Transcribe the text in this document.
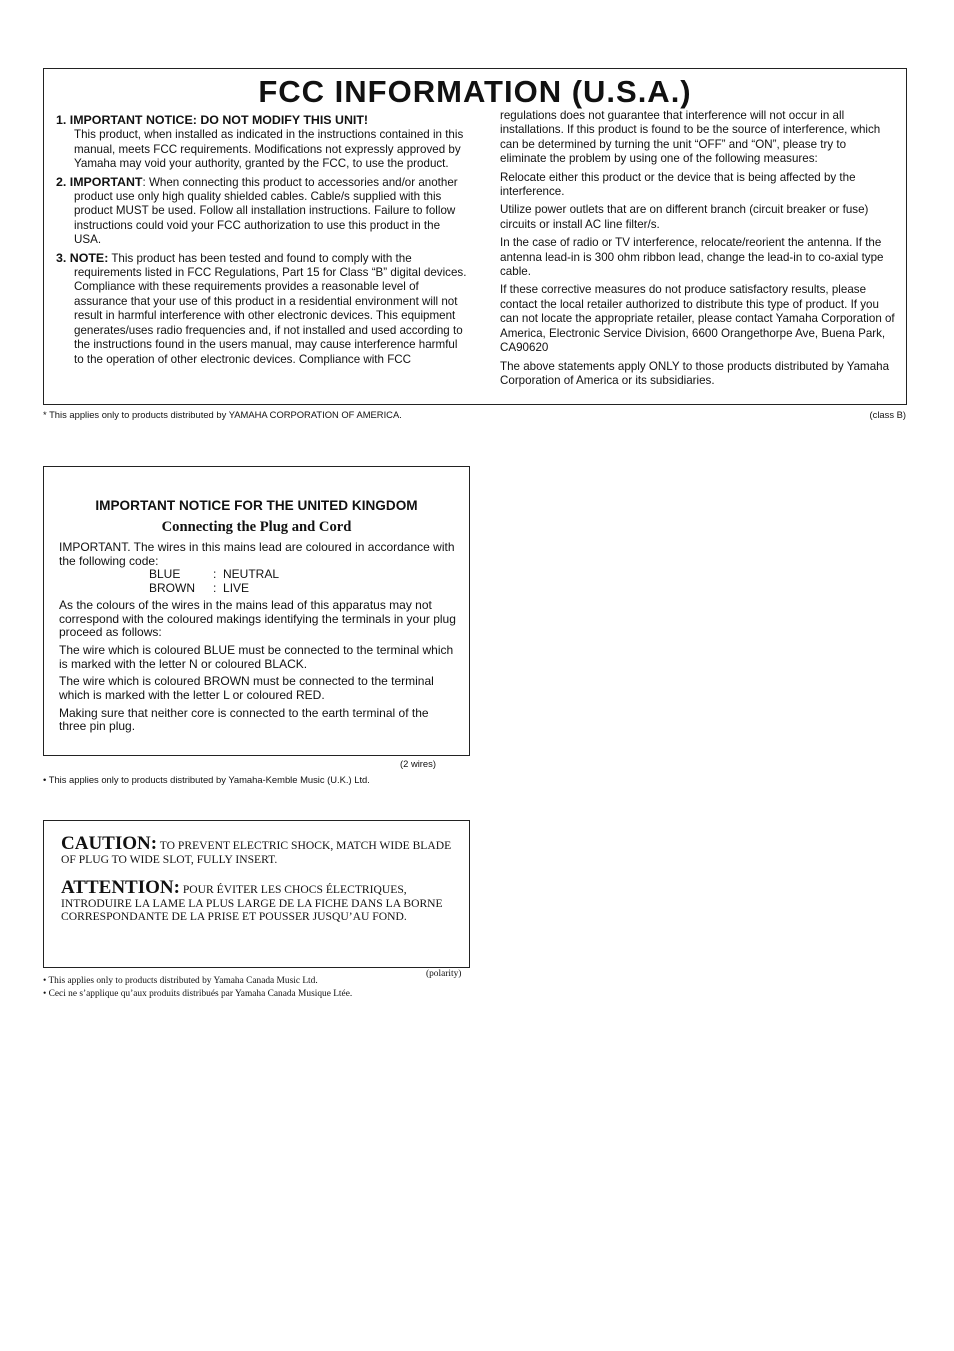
FCC INFORMATION (U.S.A.)
1. IMPORTANT NOTICE: DO NOT MODIFY THIS UNIT!
This product, when installed as indicated in the instructions contained in this manual, meets FCC requirements. Modifications not expressly approved by Yamaha may void your authority, granted by the FCC, to use the product.
2. IMPORTANT: When connecting this product to accessories and/or another product use only high quality shielded cables. Cable/s supplied with this product MUST be used. Follow all installation instructions. Failure to follow instructions could void your FCC authorization to use this product in the USA.
3. NOTE: This product has been tested and found to comply with the requirements listed in FCC Regulations, Part 15 for Class “B” digital devices. Compliance with these requirements provides a reasonable level of assurance that your use of this product in a residential environment will not result in harmful interference with other electronic devices. This equipment generates/uses radio frequencies and, if not installed and used according to the instructions found in the users manual, may cause interference harmful to the operation of other electronic devices. Compliance with FCC

regulations does not guarantee that interference will not occur in all installations. If this product is found to be the source of interference, which can be determined by turning the unit “OFF” and “ON”, please try to eliminate the problem by using one of the following measures:

Relocate either this product or the device that is being affected by the interference.

Utilize power outlets that are on different branch (circuit breaker or fuse) circuits or install AC line filter/s.

In the case of radio or TV interference, relocate/reorient the antenna. If the antenna lead-in is 300 ohm ribbon lead, change the lead-in to co-axial type cable.

If these corrective measures do not produce satisfactory results, please contact the local retailer authorized to distribute this type of product. If you can not locate the appropriate retailer, please contact Yamaha Corporation of America, Electronic Service Division, 6600 Orangethorpe Ave, Buena Park, CA90620

The above statements apply ONLY to those products distributed by Yamaha Corporation of America or its subsidiaries.

* This applies only to products distributed by YAMAHA CORPORATION OF AMERICA.	(class B)
IMPORTANT NOTICE FOR THE UNITED KINGDOM
Connecting the Plug and Cord
IMPORTANT. The wires in this mains lead are coloured in accordance with the following code:
BLUE	: NEUTRAL
BROWN : LIVE

As the colours of the wires in the mains lead of this apparatus may not correspond with the coloured makings identifying the terminals in your plug proceed as follows:

The wire which is coloured BLUE must be connected to the terminal which is marked with the letter N or coloured BLACK.

The wire which is coloured BROWN must be connected to the terminal which is marked with the letter L or coloured RED.

Making sure that neither core is connected to the earth terminal of the three pin plug.

(2 wires)
• This applies only to products distributed by Yamaha-Kemble Music (U.K.) Ltd.
CAUTION: TO PREVENT ELECTRIC SHOCK, MATCH WIDE BLADE OF PLUG TO WIDE SLOT, FULLY INSERT.
ATTENTION: POUR ÉVITER LES CHOCS ÉLECTRIQUES, INTRODUIRE LA LAME LA PLUS LARGE DE LA FICHE DANS LA BORNE CORRESPONDANTE DE LA PRISE ET POUSSER JUSQU’AU FOND.
(polarity)
• This applies only to products distributed by Yamaha Canada Music Ltd.
• Ceci ne s’applique qu’aux produits distribués par Yamaha Canada Musique Ltée.
